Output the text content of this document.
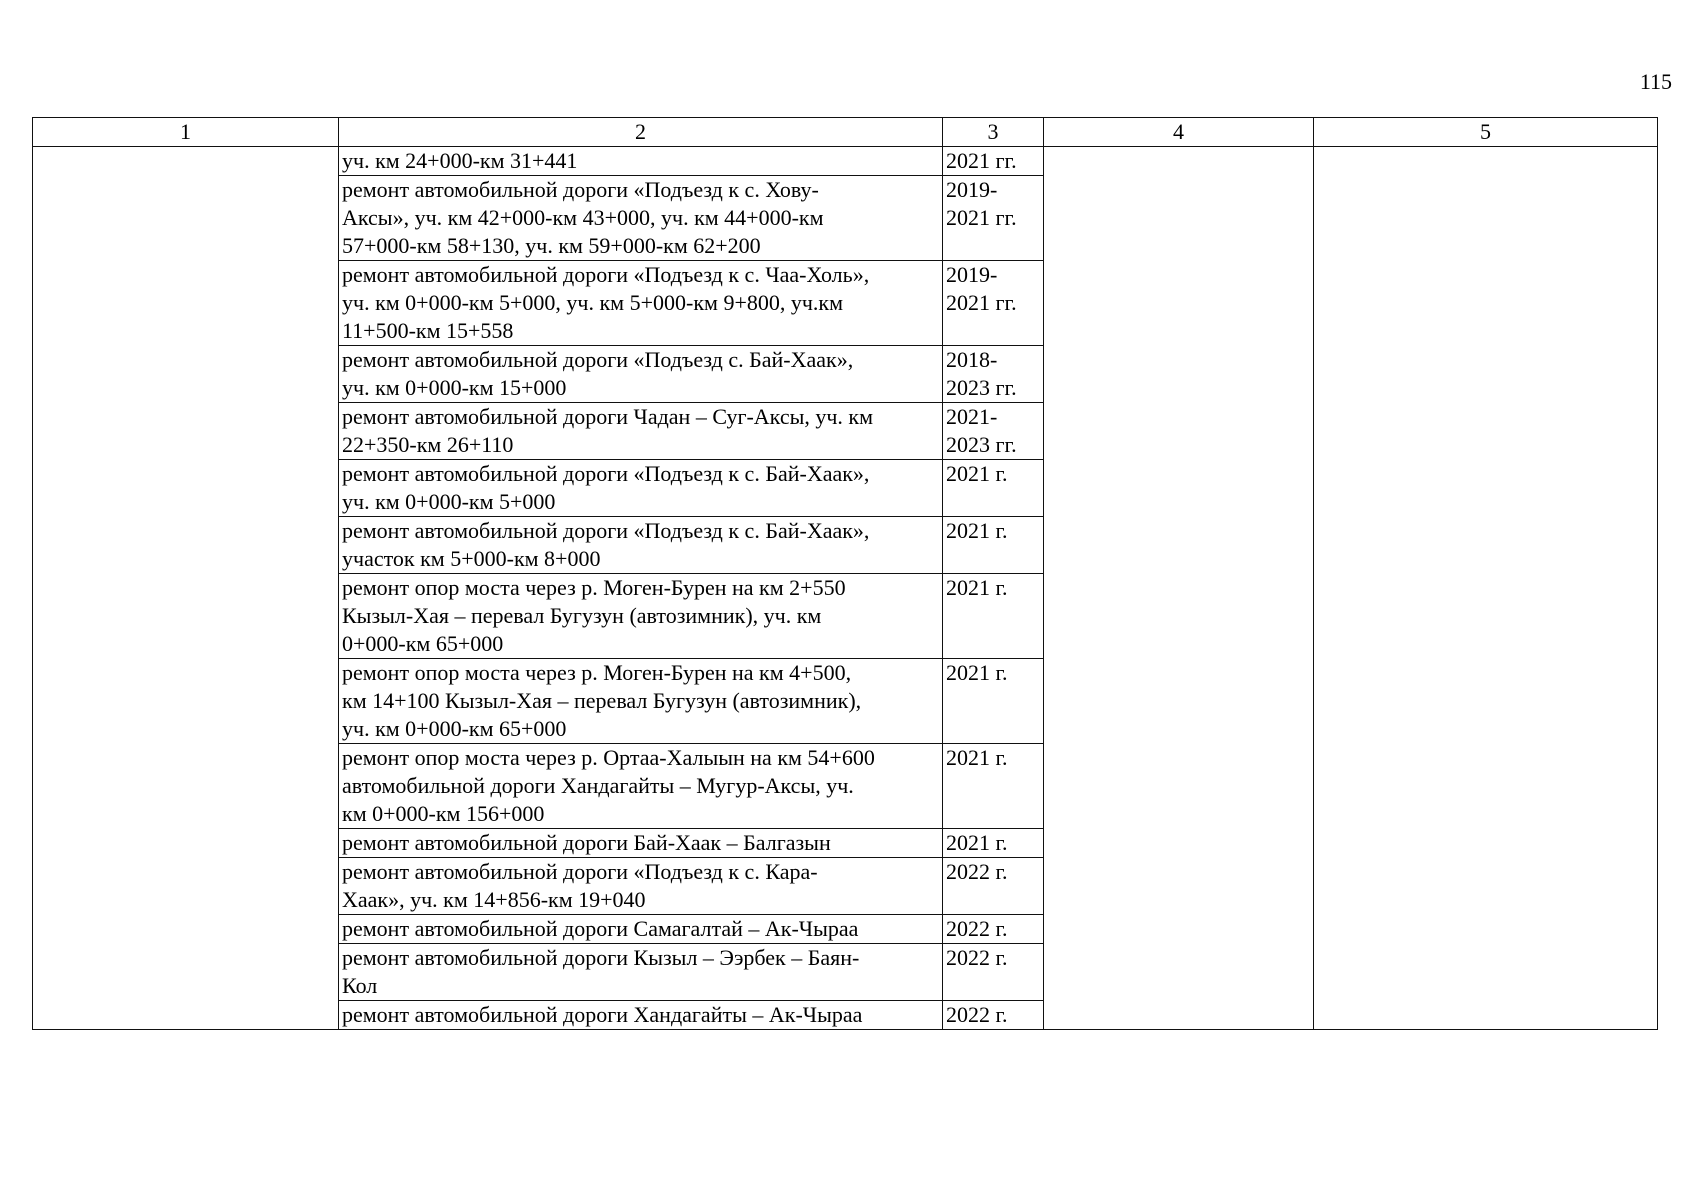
115
1	2	3	4	5

	уч. км 24+000-км 31+441	2021 гг.		

	ремонт автомобильной дороги «Подъезд к с. Хову-
Аксы», уч. км 42+000-км 43+000, уч. км 44+000-км
57+000-км 58+130, уч. км 59+000-км 62+200	2019-
2021 гг.		

	ремонт автомобильной дороги «Подъезд к с. Чаа-Холь»,
уч. км 0+000-км 5+000, уч. км 5+000-км 9+800, уч.км
11+500-км 15+558	2019-
2021 гг.		

	ремонт автомобильной дороги «Подъезд с. Бай-Хаак»,
уч. км 0+000-км 15+000	2018-
2023 гг.		

	ремонт автомобильной дороги Чадан – Суг-Аксы, уч. км
22+350-км 26+110	2021-
2023 гг.		

	ремонт автомобильной дороги «Подъезд к с. Бай-Хаак»,
уч. км 0+000-км 5+000	2021 г.		

	ремонт автомобильной дороги «Подъезд к с. Бай-Хаак»,
участок км 5+000-км 8+000	2021 г.		

	ремонт опор моста через р. Моген-Бурен на км 2+550
Кызыл-Хая – перевал Бугузун (автозимник), уч. км
0+000-км 65+000	2021 г.		

	ремонт опор моста через р. Моген-Бурен на км 4+500,
км 14+100 Кызыл-Хая – перевал Бугузун (автозимник),
уч. км 0+000-км 65+000	2021 г.		

	ремонт опор моста через р. Ортаа-Халыын на км 54+600
автомобильной дороги Хандагайты – Мугур-Аксы, уч.
км 0+000-км 156+000	2021 г.		

	ремонт автомобильной дороги Бай-Хаак – Балгазын	2021 г.		

	ремонт автомобильной дороги «Подъезд к с. Кара-
Хаак», уч. км 14+856-км 19+040	2022 г.		

	ремонт автомобильной дороги Самагалтай – Ак-Чыраа	2022 г.		

	ремонт автомобильной дороги Кызыл – Ээрбек – Баян-
Кол	2022 г.		

	ремонт автомобильной дороги Хандагайты – Ак-Чыраа	2022 г.		
